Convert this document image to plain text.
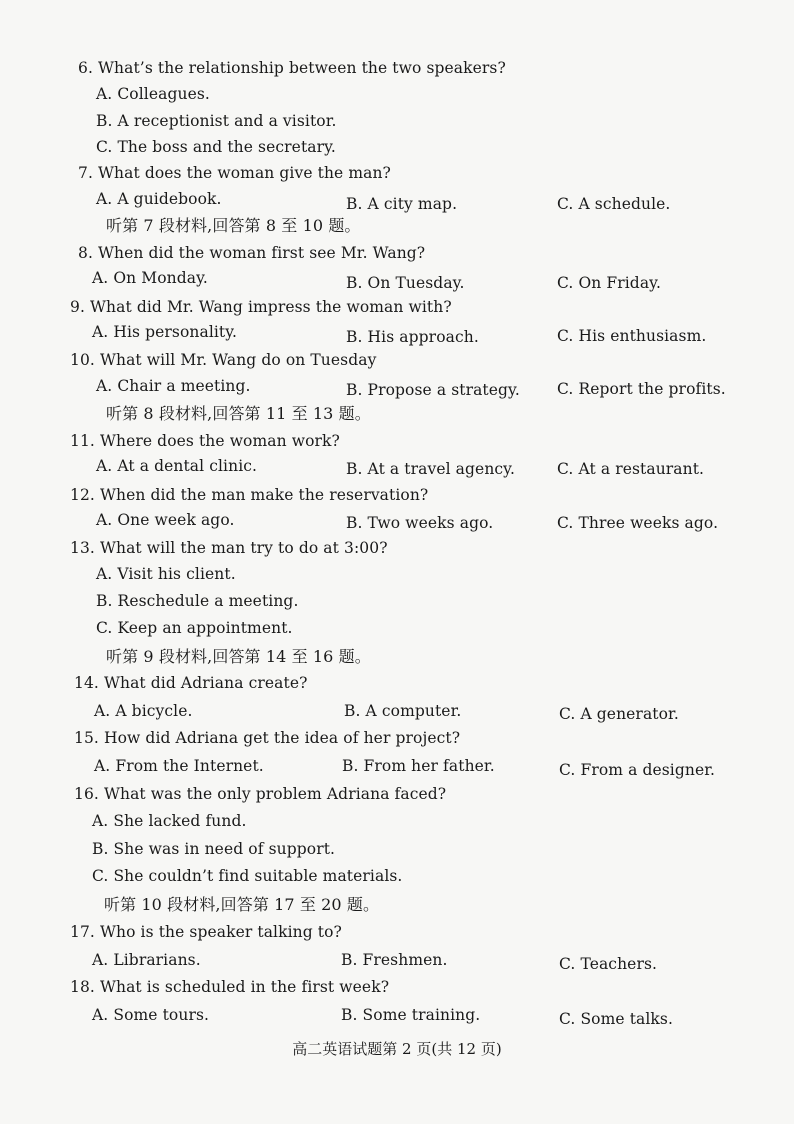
6. What’s the relationship between the two speakers?
A. Colleagues.
B. A receptionist and a visitor.
C. The boss and the secretary.
7. What does the woman give the man?
A. A guidebook.	B. A city map.	C. A schedule.
听第 7 段材料,回答第 8 至 10 题。
8. When did the woman first see Mr. Wang?
A. On Monday.	B. On Tuesday.	C. On Friday.
9. What did Mr. Wang impress the woman with?
A. His personality.	B. His approach.	C. His enthusiasm.
10. What will Mr. Wang do on Tuesday
A. Chair a meeting.	B. Propose a strategy. C. Report the profits.
听第 8 段材料,回答第 11 至 13 题。
11. Where does the woman work?
A. At a dental clinic.	B. At a travel agency.	C. At a restaurant.
12. When did the man make the reservation?
A. One week ago.	B. Two weeks ago.	C. Three weeks ago.
13. What will the man try to do at 3:00?
A. Visit his client.
B. Reschedule a meeting.
C. Keep an appointment.
听第 9 段材料,回答第 14 至 16 题。
14. What did Adriana create?
A. A bicycle.	B. A computer.	C. A generator.
15. How did Adriana get the idea of her project?
A. From the Internet.	B. From her father.	C. From a designer.
16. What was the only problem Adriana faced?
A. She lacked fund.
B. She was in need of support.
C. She couldn’t find suitable materials.
听第 10 段材料,回答第 17 至 20 题。
17. Who is the speaker talking to?
A. Librarians.	B. Freshmen.	C. Teachers.
18. What is scheduled in the first week?
A. Some tours.	B. Some training.	C. Some talks.
高二英语试题第 2 页(共 12 页)
